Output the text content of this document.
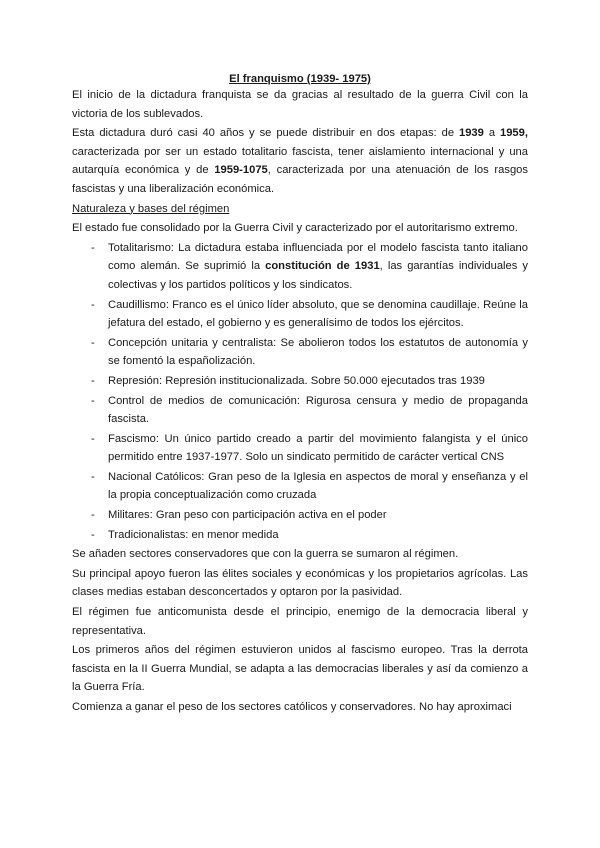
El franquismo (1939- 1975)

El inicio de la dictadura franquista se da gracias al resultado de la guerra Civil con la victoria de los sublevados.

Esta dictadura duró casi 40 años y se puede distribuir en dos etapas: de 1939 a 1959, caracterizada por ser un estado totalitario fascista, tener aislamiento internacional y una autarquía económica y de 1959-1075, caracterizada por una atenuación de los rasgos fascistas y una liberalización económica.

Naturaleza y bases del régimen

El estado fue consolidado por la Guerra Civil y caracterizado por el autoritarismo extremo.

- Totalitarismo: La dictadura estaba influenciada por el modelo fascista tanto italiano como alemán. Se suprimió la constitución de 1931, las garantías individuales y colectivas y los partidos políticos y los sindicatos.
- Caudillismo: Franco es el único líder absoluto, que se denomina caudillaje. Reúne la jefatura del estado, el gobierno y es generalísimo de todos los ejércitos.
- Concepción unitaria y centralista: Se abolieron todos los estatutos de autonomía y se fomentó la españolización.
- Represión: Represión institucionalizada. Sobre 50.000 ejecutados tras 1939
- Control de medios de comunicación: Rigurosa censura y medio de propaganda fascista.
- Fascismo: Un único partido creado a partir del movimiento falangista y el único permitido entre 1937-1977. Solo un sindicato permitido de carácter vertical CNS
- Nacional Católicos: Gran peso de la Iglesia en aspectos de moral y enseñanza y el la propia conceptualización como cruzada
- Militares: Gran peso con participación activa en el poder
- Tradicionalistas: en menor medida

Se añaden sectores conservadores que con la guerra se sumaron al régimen.

Su principal apoyo fueron las élites sociales y económicas y los propietarios agrícolas. Las clases medias estaban desconcertados y optaron por la pasividad.

El régimen fue anticomunista desde el principio, enemigo de la democracia liberal y representativa.

Los primeros años del régimen estuvieron unidos al fascismo europeo. Tras la derrota fascista en la II Guerra Mundial, se adapta a las democracias liberales y así da comienzo a la Guerra Fría.

Comienza a ganar el peso de los sectores católicos y conservadores. No hay aproximaci
